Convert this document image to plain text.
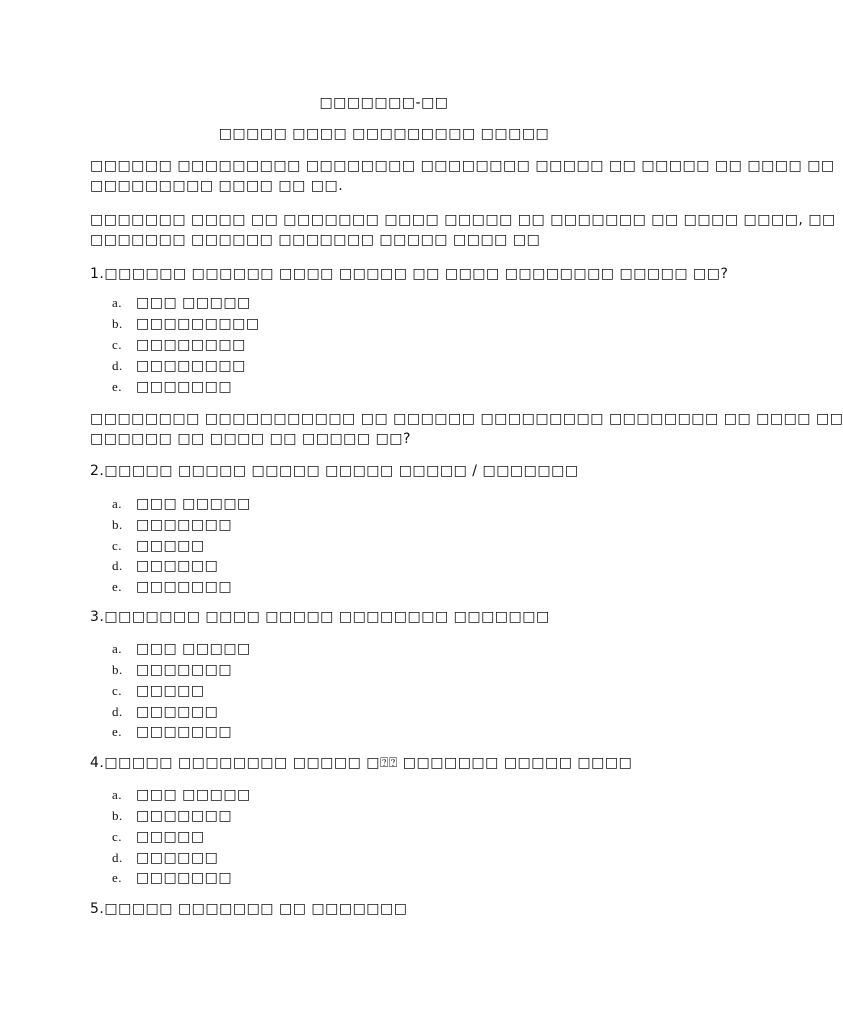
□□□□□□□-□□
□□□□□ □□□□ □□□□□□□□□ □□□□□
□□□□□□ □□□□□□□□□ □□□□□□□□ □□□□□□□□ □□□□□ □□ □□□□□ □□ □□□□ □□
□□□□□□□□□ □□□□ □□ □□.
□□□□□□□ □□□□ □□ □□□□□□□ □□□□ □□□□□ □□ □□□□□□□ □□ □□□□ □□□□, □□
□□□□□□□ □□□□□□ □□□□□□□ □□□□□ □□□□ □□
1.□□□□□□ □□□□□□ □□□□ □□□□□ □□ □□□□ □□□□□□□□ □□□□□ □□?
a. □□□ □□□□□
b. □□□□□□□□□
c. □□□□□□□□
d. □□□□□□□□
e. □□□□□□□
□□□□□□□□ □□□□□□□□□□□ □□ □□□□□□ □□□□□□□□□ □□□□□□□□ □□ □□□□ □□
□□□□□□ □□ □□□□ □□ □□□□□ □□?
2.□□□□□ □□□□□ □□□□□ □□□□□ □□□□□ / □□□□□□□
a. □□□ □□□□□
b. □□□□□□□
c. □□□□□
d. □□□□□□
e. □□□□□□□
3.□□□□□□□ □□□□ □□□□□ □□□□□□□□ □□□□□□□
a. □□□ □□□□□
b. □□□□□□□
c. □□□□□
d. □□□□□□
e. □□□□□□□
4.□□□□□ □□□□□□□□ □□□□□ □⍰⍰ □□□□□□□ □□□□□ □□□□
a. □□□ □□□□□
b. □□□□□□□
c. □□□□□
d. □□□□□□
e. □□□□□□□
5.□□□□□ □□□□□□□ □□ □□□□□□□
